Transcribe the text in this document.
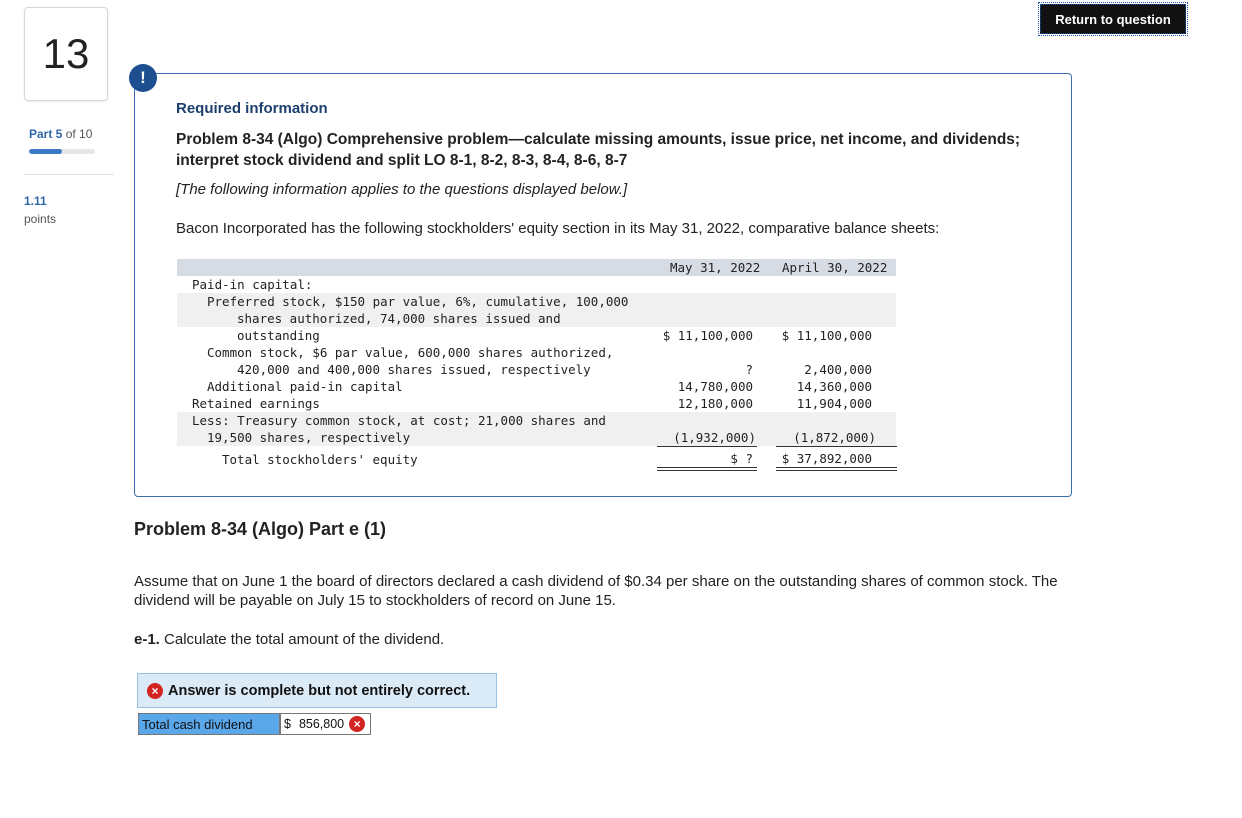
13
Part 5 of 10
1.11
points
Return to question
!
Required information
Problem 8-34 (Algo) Comprehensive problem—calculate missing amounts, issue price, net income, and dividends; interpret stock dividend and split LO 8-1, 8-2, 8-3, 8-4, 8-6, 8-7
[The following information applies to the questions displayed below.]
Bacon Incorporated has the following stockholders' equity section in its May 31, 2022, comparative balance sheets:
May 31, 2022 April 30, 2022
Paid-in capital:
Preferred stock, $150 par value, 6%, cumulative, 100,000
shares authorized, 74,000 shares issued and
outstanding	$ 11,100,000 $ 11,100,000
Common stock, $6 par value, 600,000 shares authorized,
420,000 and 400,000 shares issued, respectively	?	2,400,000
Additional paid-in capital	14,780,000	14,360,000
Retained earnings	12,180,000	11,904,000
Less: Treasury common stock, at cost; 21,000 shares and
19,500 shares, respectively	(1,932,000)	(1,872,000)
Total stockholders' equity	$ ? $ 37,892,000
Problem 8-34 (Algo) Part e (1)
Assume that on June 1 the board of directors declared a cash dividend of $0.34 per share on the outstanding shares of common stock. The dividend will be payable on July 15 to stockholders of record on June 15.
e-1. Calculate the total amount of the dividend.
× Answer is complete but not entirely correct.
Total cash dividend	$ 856,800 ×
